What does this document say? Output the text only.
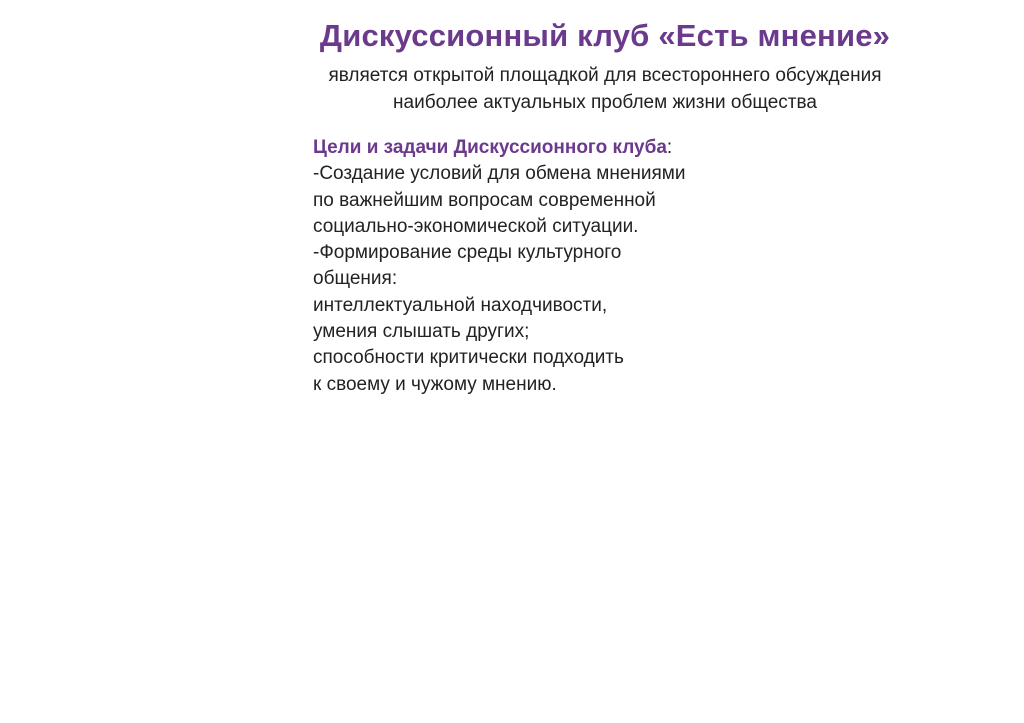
Дискуссионный клуб «Есть мнение»
является открытой площадкой для всестороннего обсуждения
наиболее актуальных проблем жизни общества
Цели и задачи Дискуссионного клуба:
-Создание условий для обмена мнениями
по важнейшим вопросам современной
социально-экономической ситуации.
-Формирование среды культурного
общения:
интеллектуальной находчивости,
умения слышать других;
способности критически подходить
к своему и чужому мнению.
